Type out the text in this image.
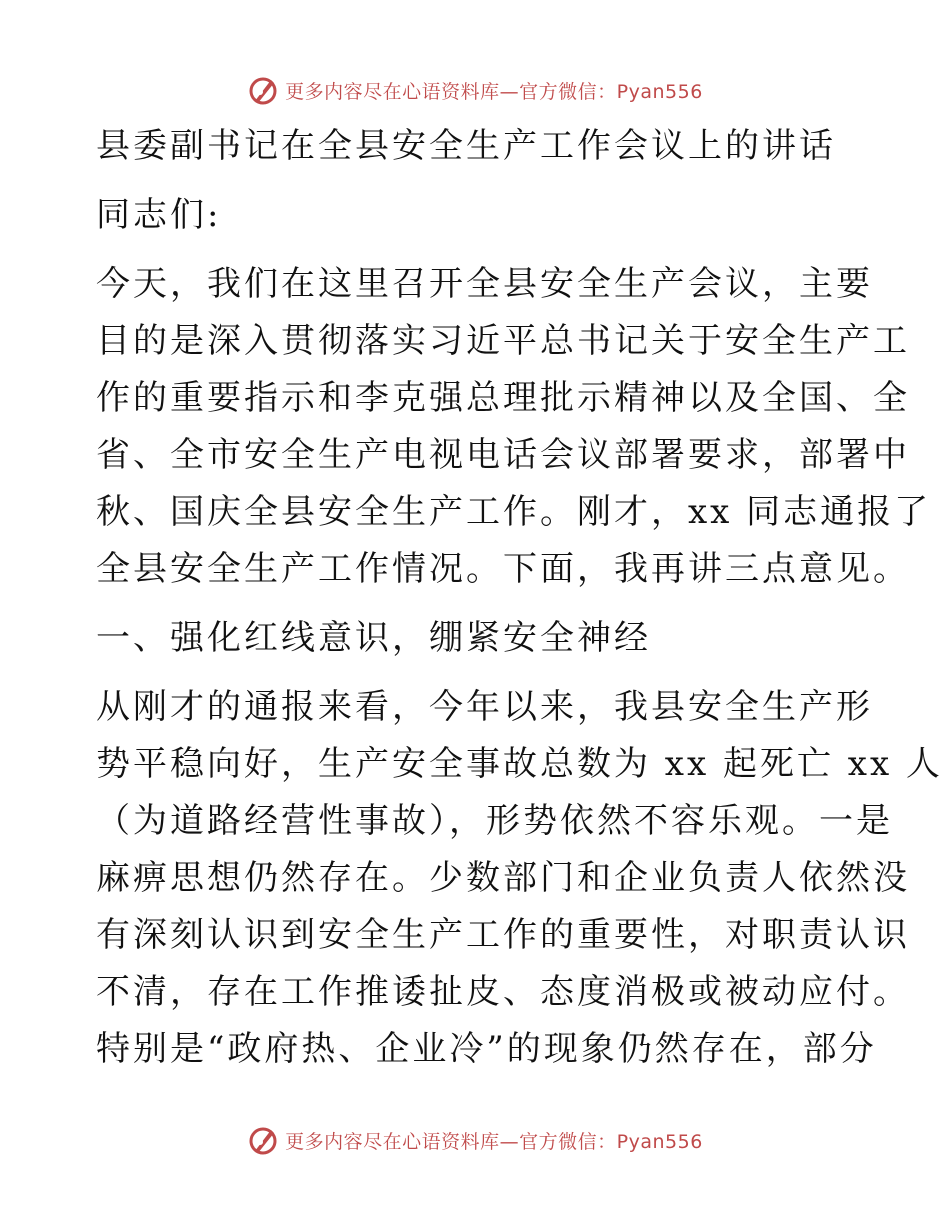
更多内容尽在心语资料库—官方微信：Pyan556
县委副书记在全县安全生产工作会议上的讲话
同志们:
今天，我们在这里召开全县安全生产会议，主要
目的是深入贯彻落实习近平总书记关于安全生产工
作的重要指示和李克强总理批示精神以及全国、全
省、全市安全生产电视电话会议部署要求，部署中
秋、国庆全县安全生产工作。刚才，xx 同志通报了
全县安全生产工作情况。下面，我再讲三点意见。
一、强化红线意识，绷紧安全神经
从刚才的通报来看，今年以来，我县安全生产形
势平稳向好，生产安全事故总数为 xx 起死亡 xx 人
（为道路经营性事故），形势依然不容乐观。一是
麻痹思想仍然存在。少数部门和企业负责人依然没
有深刻认识到安全生产工作的重要性，对职责认识
不清，存在工作推诿扯皮、态度消极或被动应付。
特别是“政府热、企业冷”的现象仍然存在，部分
更多内容尽在心语资料库—官方微信：Pyan556
